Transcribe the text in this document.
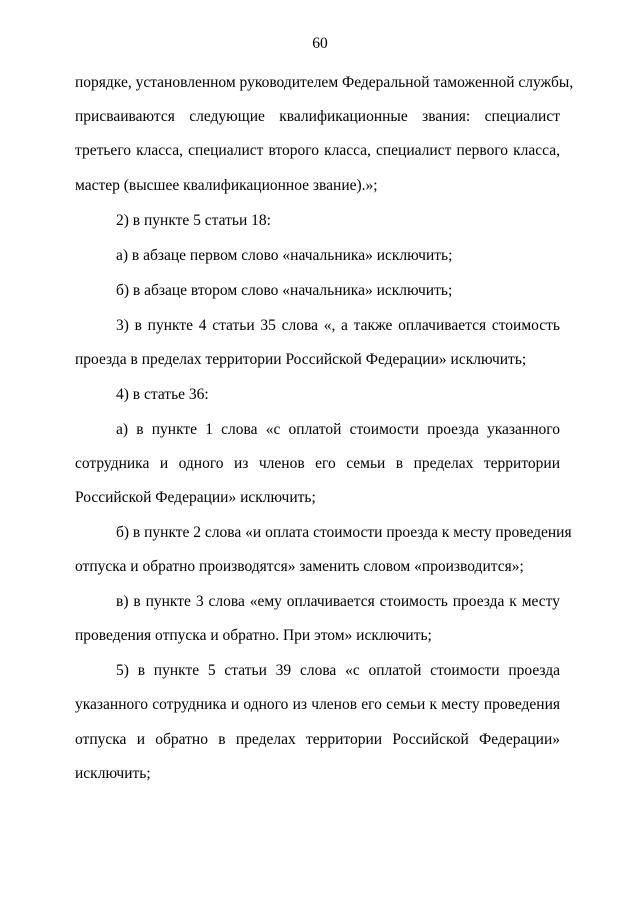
60
порядке, установленном руководителем Федеральной таможенной службы,
присваиваются следующие квалификационные звания: специалист
третьего класса, специалист второго класса, специалист первого класса,
мастер (высшее квалификационное звание).»;
2) в пункте 5 статьи 18:
а) в абзаце первом слово «начальника» исключить;
б) в абзаце втором слово «начальника» исключить;
3) в пункте 4 статьи 35 слова «, а также оплачивается стоимость
проезда в пределах территории Российской Федерации» исключить;
4) в статье 36:
а) в пункте 1 слова «с оплатой стоимости проезда указанного
сотрудника и одного из членов его семьи в пределах территории
Российской Федерации» исключить;
б) в пункте 2 слова «и оплата стоимости проезда к месту проведения
отпуска и обратно производятся» заменить словом «производится»;
в) в пункте 3 слова «ему оплачивается стоимость проезда к месту
проведения отпуска и обратно. При этом» исключить;
5) в пункте 5 статьи 39 слова «с оплатой стоимости проезда
указанного сотрудника и одного из членов его семьи к месту проведения
отпуска и обратно в пределах территории Российской Федерации»
исключить;
